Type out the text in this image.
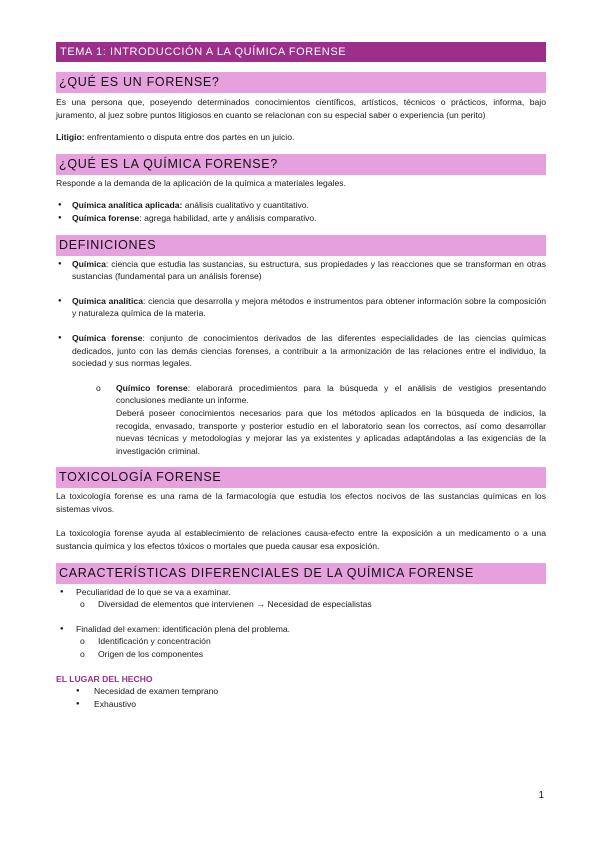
TEMA 1: INTRODUCCIÓN A LA QUÍMICA FORENSE
¿QUÉ ES UN FORENSE?

Es una persona que, poseyendo determinados conocimientos científicos, artísticos, técnicos o prácticos, informa, bajo juramento, al juez sobre puntos litigiosos en cuanto se relacionan con su especial saber o experiencia (un perito)

Litigio: enfrentamiento o disputa entre dos partes en un juicio.

¿QUÉ ES LA QUÍMICA FORENSE?

Responde a la demanda de la aplicación de la química a materiales legales.

● Química analítica aplicada: análisis cualitativo y cuantitativo.
● Química forense: agrega habilidad, arte y análisis comparativo.
DEFINICIONES
● Química: ciencia que estudia las sustancias, su estructura, sus propiedades y las reacciones que se transforman en otras sustancias (fundamental para un análisis forense)
● Química analítica: ciencia que desarrolla y mejora métodos e instrumentos para obtener información sobre la composición y naturaleza química de la materia.
● Química forense: conjunto de conocimientos derivados de las diferentes especialidades de las ciencias químicas dedicados, junto con las demás ciencias forenses, a contribuir a la armonización de las relaciones entre el individuo, la sociedad y sus normas legales.
o Químico forense: elaborará procedimientos para la búsqueda y el análisis de vestigios presentando conclusiones mediante un informe.
Deberá poseer conocimientos necesarios para que los métodos aplicados en la búsqueda de indicios, la recogida, envasado, transporte y posterior estudio en el laboratorio sean los correctos, así como desarrollar nuevas técnicas y metodologías y mejorar las ya existentes y aplicadas adaptándolas a las exigencias de la investigación criminal.
TOXICOLOGÍA FORENSE

La toxicología forense es una rama de la farmacología que estudia los efectos nocivos de las sustancias químicas en los sistemas vivos.

La toxicología forense ayuda al establecimiento de relaciones causa-efecto entre la exposición a un medicamento o a una sustancia química y los efectos tóxicos o mortales que pueda causar esa exposición.

CARACTERÍSTICAS DIFERENCIALES DE LA QUÍMICA FORENSE
● Peculiaridad de lo que se va a examinar.
o Diversidad de elementos que intervienen → Necesidad de especialistas
● Finalidad del examen: identificación plena del problema.
o Identificación y concentración
o Origen de los componentes
EL LUGAR DEL HECHO
● Necesidad de examen temprano
● Exhaustivo
1
